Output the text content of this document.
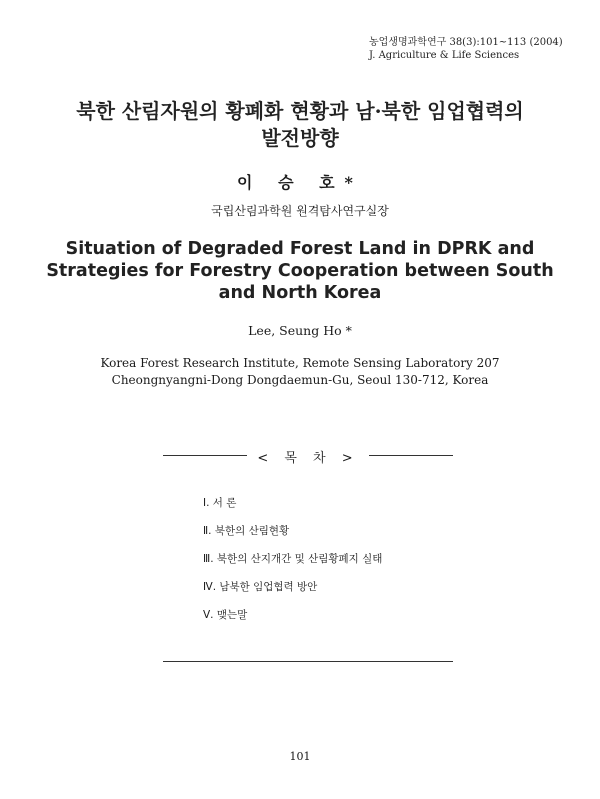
농업생명과학연구 38(3):101~113 (2004)
J. Agriculture & Life Sciences
북한 산림자원의 황폐화 현황과 남·북한 임업협력의
발전방향
이 승 호*
국립산림과학원 원격탐사연구실장
Situation of Degraded Forest Land in DPRK and
Strategies for Forestry Cooperation between South
and North Korea
Lee, Seung Ho *
Korea Forest Research Institute, Remote Sensing Laboratory 207
Cheongnyangni-Dong Dongdaemun-Gu, Seoul 130-712, Korea
< 목 차 >
Ⅰ. 서 론
Ⅱ. 북한의 산림현황
Ⅲ. 북한의 산지개간 및 산림황폐지 실태
Ⅳ. 남북한 임업협력 방안
Ⅴ. 맺는말
101
